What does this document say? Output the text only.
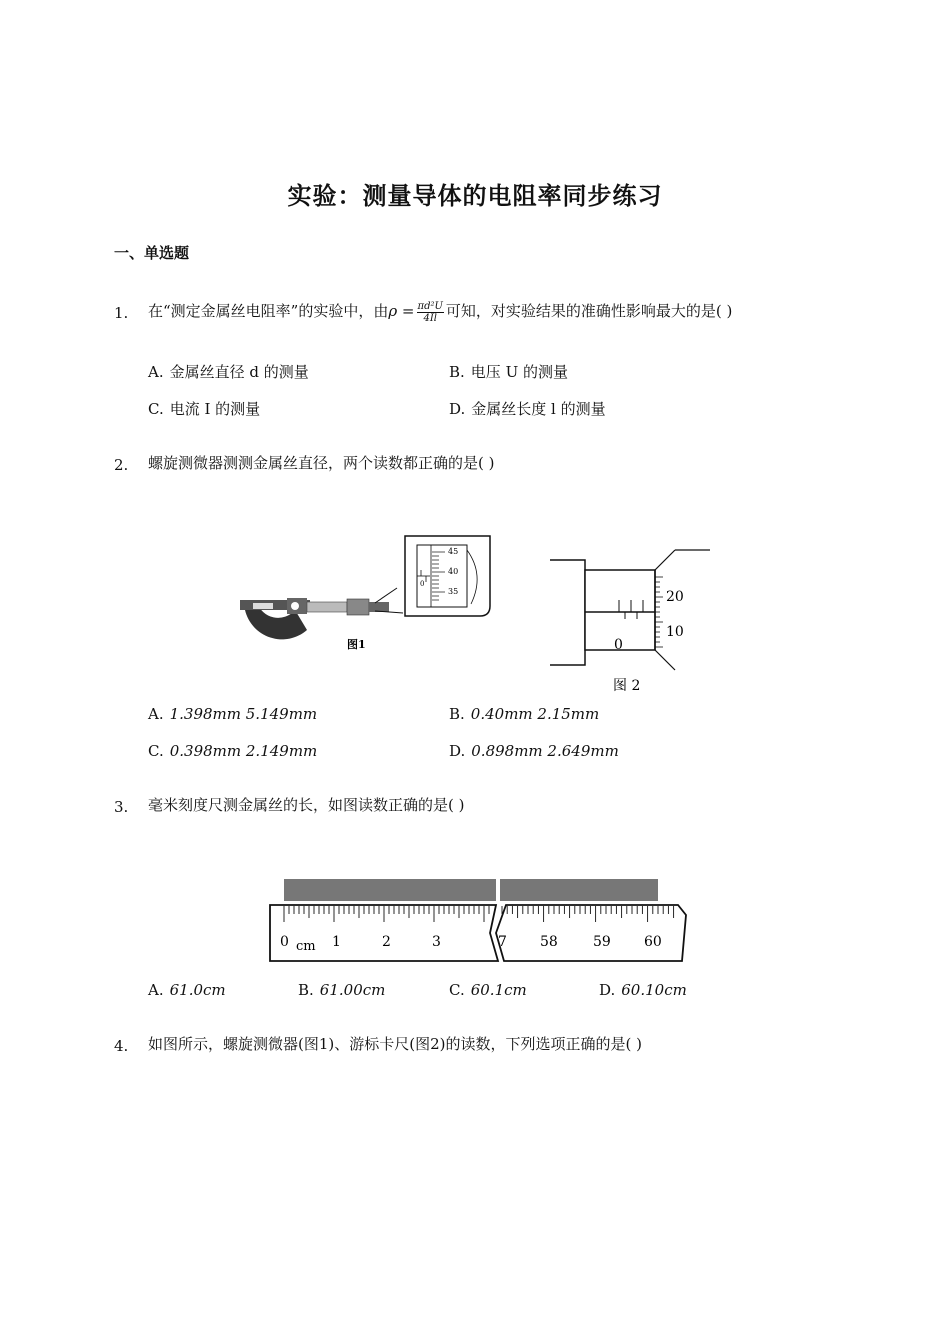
实验：测量导体的电阻率同步练习
一、单选题
1. 在“测定金属丝电阻率”的实验中，由$\rho = \frac{\text{πd²U}}{4Il}$ 可知，对实验结果的准确性影响最大的是( )
A. 金属丝直径 d 的测量	B. 电压 U 的测量
C. 电流 I 的测量	D. 金属丝长度 l 的测量
2. 螺旋测微器测测金属丝直径，两个读数都正确的是( )
45
40
35
0
图1
20
10
0
图 2
A. 1.398mm 5.149mm	B. 0.40mm 2.15mm
C. 0.398mm 2.149mm	D. 0.898mm 2.649mm
3. 毫米刻度尺测金属丝的长，如图读数正确的是( )
0 cm 1	2	3	7 58	59 60
A. 61.0cm	B. 61.00cm	C. 60.1cm	D. 60.10cm
4. 如图所示，螺旋测微器(图1)、游标卡尺(图2)的读数，下列选项正确的是( )
